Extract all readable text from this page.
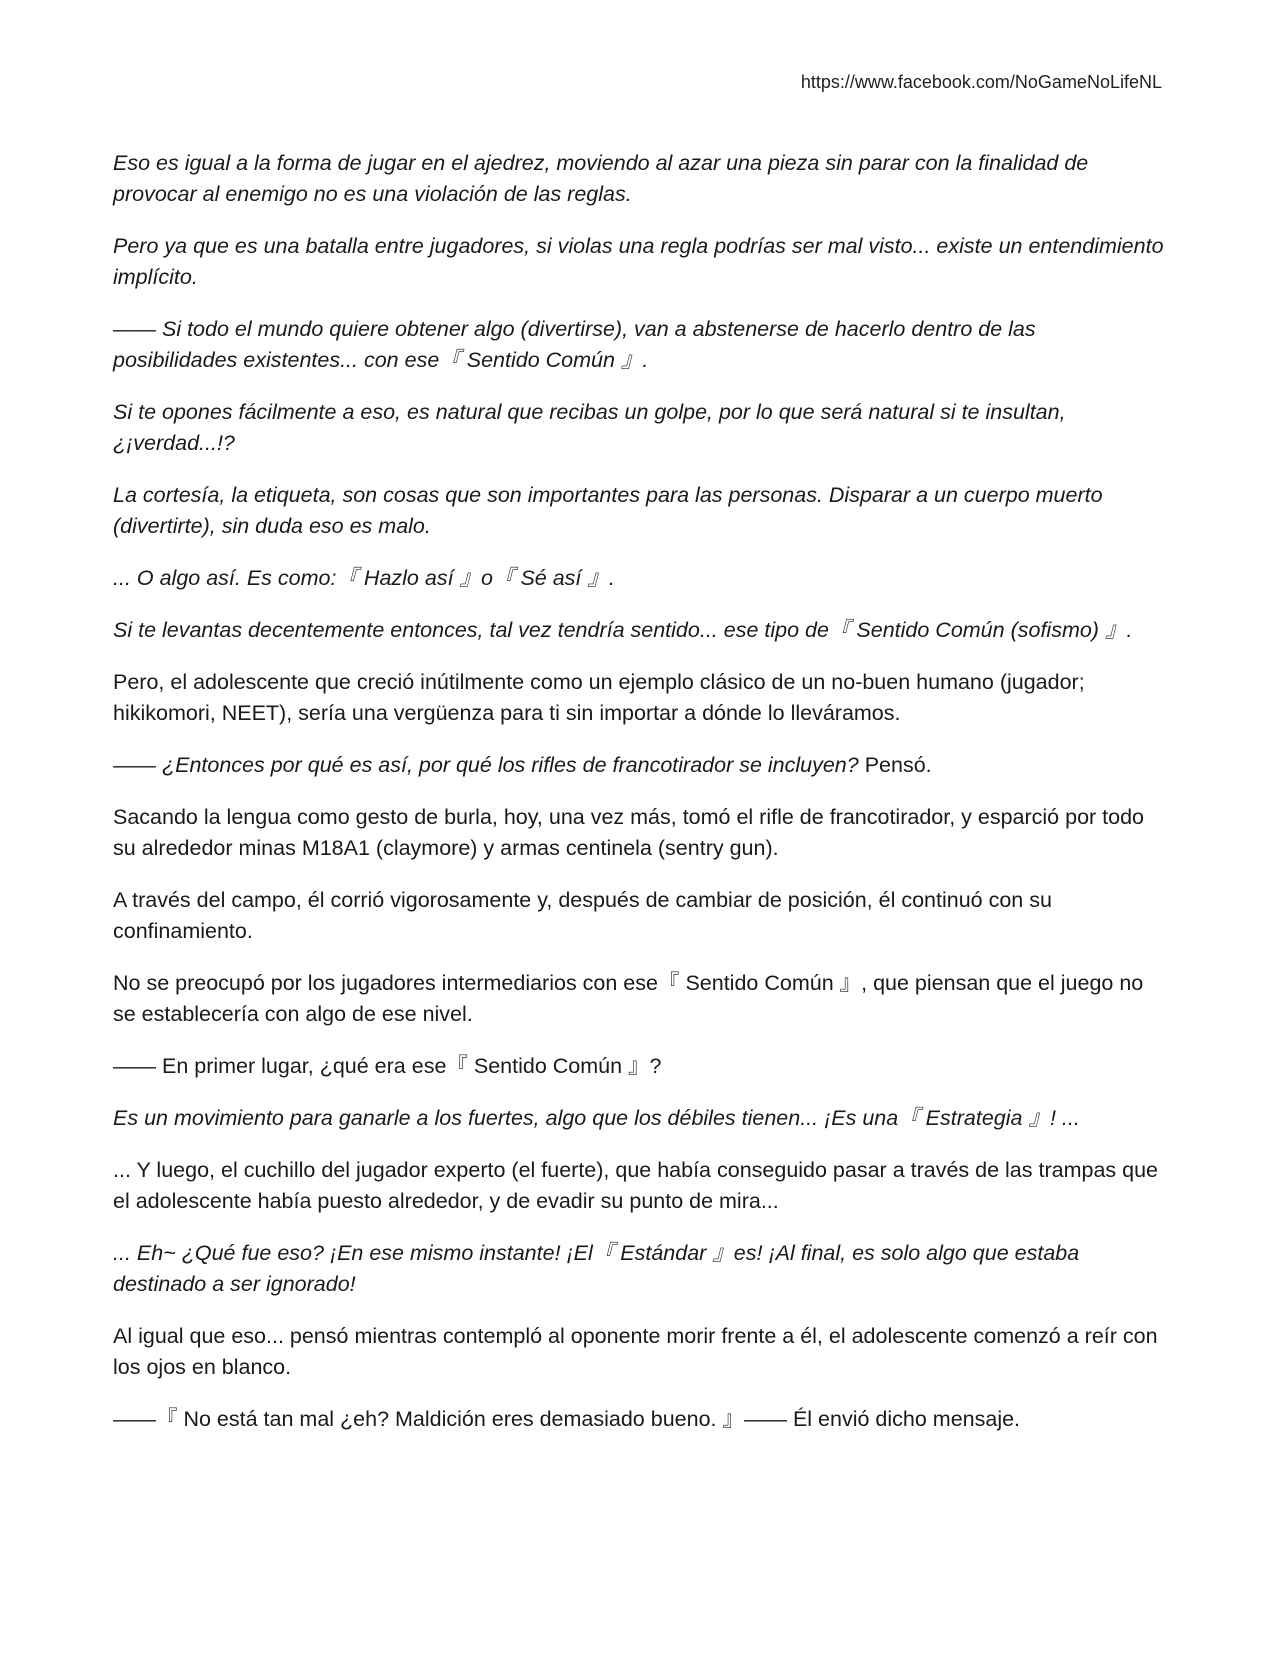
https://www.facebook.com/NoGameNoLifeNL

Eso es igual a la forma de jugar en el ajedrez, moviendo al azar una pieza sin parar con la finalidad de provocar al enemigo no es una violación de las reglas.

Pero ya que es una batalla entre jugadores, si violas una regla podrías ser mal visto... existe un entendimiento implícito.

—— Si todo el mundo quiere obtener algo (divertirse), van a abstenerse de hacerlo dentro de las posibilidades existentes... con ese『 Sentido Común 』.

Si te opones fácilmente a eso, es natural que recibas un golpe, por lo que será natural si te insultan, ¿¡verdad...!?

La cortesía, la etiqueta, son cosas que son importantes para las personas. Disparar a un cuerpo muerto (divertirte), sin duda eso es malo.

... O algo así. Es como:『 Hazlo así 』o『 Sé así 』.

Si te levantas decentemente entonces, tal vez tendría sentido... ese tipo de『 Sentido Común (sofismo) 』.

Pero, el adolescente que creció inútilmente como un ejemplo clásico de un no-buen humano (jugador; hikikomori, NEET), sería una vergüenza para ti sin importar a dónde lo lleváramos.

—— ¿Entonces por qué es así, por qué los rifles de francotirador se incluyen? Pensó.

Sacando la lengua como gesto de burla, hoy, una vez más, tomó el rifle de francotirador, y esparció por todo su alrededor minas M18A1 (claymore) y armas centinela (sentry gun).

A través del campo, él corrió vigorosamente y, después de cambiar de posición, él continuó con su confinamiento.

No se preocupó por los jugadores intermediarios con ese『 Sentido Común 』, que piensan que el juego no se establecería con algo de ese nivel.

—— En primer lugar, ¿qué era ese『 Sentido Común 』?

Es un movimiento para ganarle a los fuertes, algo que los débiles tienen... ¡Es una『 Estrategia 』! ...

... Y luego, el cuchillo del jugador experto (el fuerte), que había conseguido pasar a través de las trampas que el adolescente había puesto alrededor, y de evadir su punto de mira...

... Eh~ ¿Qué fue eso? ¡En ese mismo instante! ¡El『 Estándar 』es! ¡Al final, es solo algo que estaba destinado a ser ignorado!

Al igual que eso... pensó mientras contempló al oponente morir frente a él, el adolescente comenzó a reír con los ojos en blanco.

——『 No está tan mal ¿eh? Maldición eres demasiado bueno. 』—— Él envió dicho mensaje.
